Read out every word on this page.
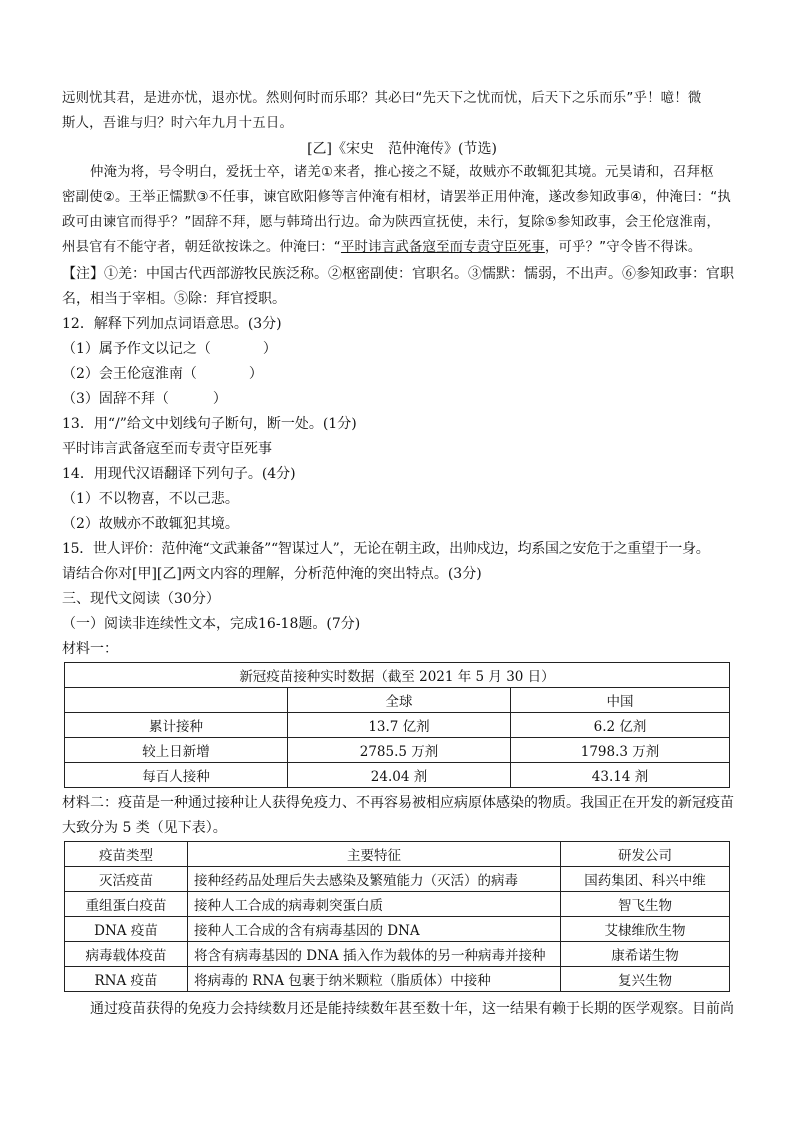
远则忧其君，是进亦忧，退亦忧。然则何时而乐耶？其必曰“先天下之忧而忧，后天下之乐而乐”乎！噫！微
斯人，吾谁与归？时六年九月十五日。
[乙]《宋史　范仲淹传》(节选)
仲淹为将，号令明白，爱抚士卒，诸羌①来者，推心接之不疑，故贼亦不敢辄犯其境。元昊请和，召拜枢
密副使②。王举正懦默③不任事，谏官欧阳修等言仲淹有相材，请罢举正用仲淹，遂改参知政事④，仲淹曰：“执
政可由谏官而得乎？”固辞不拜，愿与韩琦出行边。命为陕西宣抚使，未行，复除⑤参知政事，会王伦寇淮南，
州县官有不能守者，朝廷欲按诛之。仲淹曰：“平时讳言武备寇至而专责守臣死事，可乎？”守令皆不得诛。
【注】①羌：中国古代西部游牧民族泛称。②枢密副使：官职名。③懦默：懦弱，不出声。⑥参知政事：官职
名，相当于宰相。⑤除：拜官授职。
12．解释下列加点词语意思。(3分)
（1）属予作文以记之（	）
（2）会王伦寇淮南（	）
（3）固辞不拜（	）
13．用“/”给文中划线句子断句，断一处。(1分)
平时讳言武备寇至而专责守臣死事
14．用现代汉语翻译下列句子。(4分)
（1）不以物喜，不以己悲。
（2）故贼亦不敢辄犯其境。
15．世人评价：范仲淹“文武兼备”“智谋过人”，无论在朝主政，出帅戍边，均系国之安危于之重望于一身。
请结合你对[甲][乙]两文内容的理解，分析范仲淹的突出特点。(3分)
三、现代文阅读（30分）
（一）阅读非连续性文本，完成16-18题。(7分)
材料一：
新冠疫苗接种实时数据（截至 2021 年 5 月 30 日）		
	全球	中国
累计接种	13.7 亿剂	6.2 亿剂
较上日新增	2785.5 万剂	1798.3 万剂
每百人接种	24.04 剂	43.14 剂
材料二：疫苗是一种通过接种让人获得免疫力、不再容易被相应病原体感染的物质。我国正在开发的新冠疫苗
大致分为 5 类（见下表）。
疫苗类型	主要特征	研发公司
灭活疫苗	接种经药品处理后失去感染及繁殖能力（灭活）的病毒	国药集团、科兴中维
重组蛋白疫苗	接种人工合成的病毒刺突蛋白质	智飞生物
DNA 疫苗	接种人工合成的含有病毒基因的 DNA	艾棣维欣生物
病毒载体疫苗	将含有病毒基因的 DNA 插入作为载体的另一种病毒并接种	康希诺生物
RNA 疫苗	将病毒的 RNA 包裹于纳米颗粒（脂质体）中接种	复兴生物
通过疫苗获得的免疫力会持续数月还是能持续数年甚至数十年，这一结果有赖于长期的医学观察。目前尚
